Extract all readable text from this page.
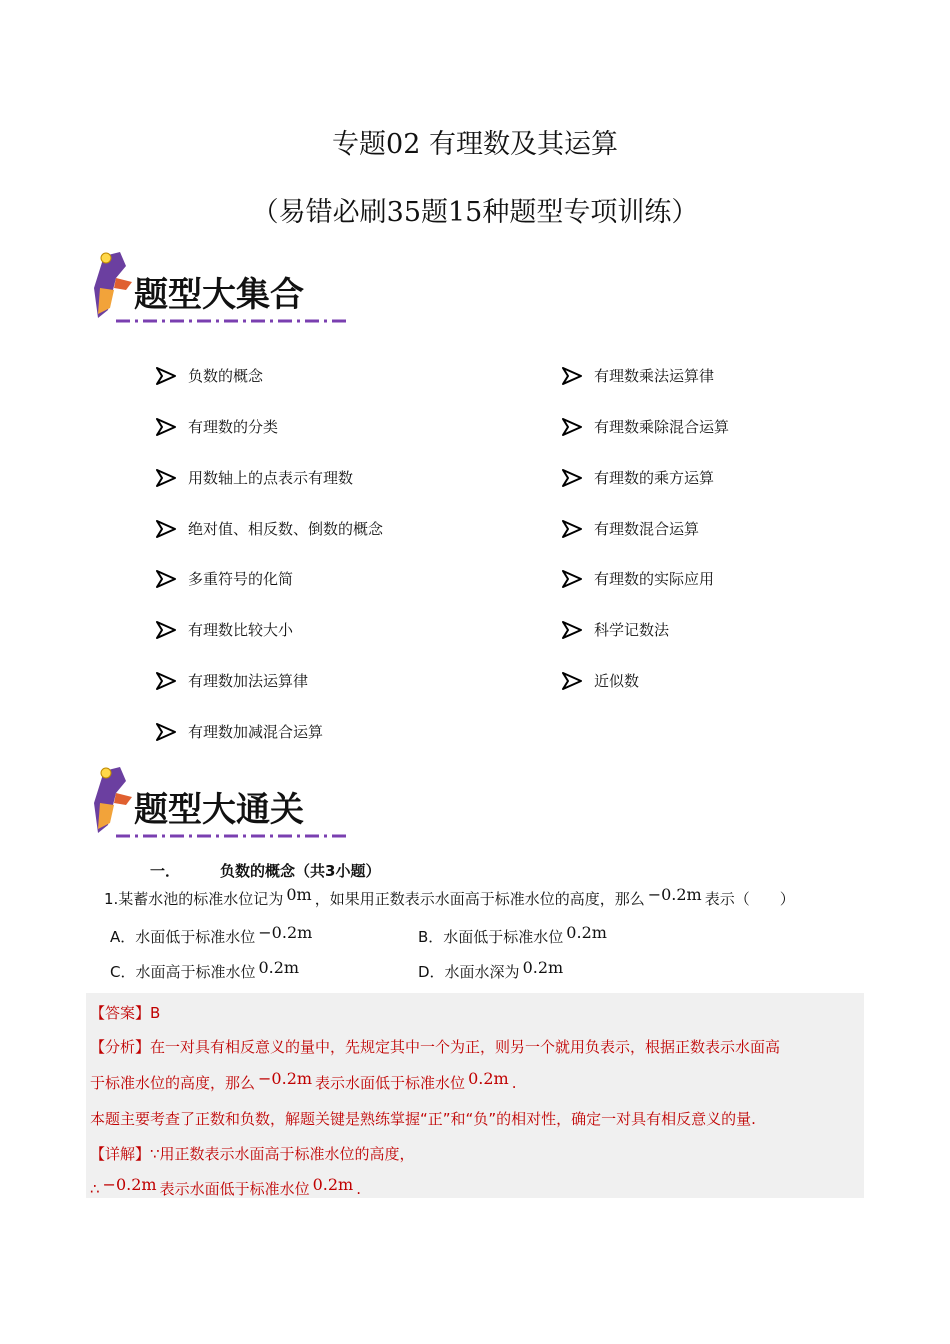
专题02 有理数及其运算
（易错必刷35题15种题型专项训练）
题型大集合
负数的概念
有理数的分类
用数轴上的点表示有理数
绝对值、相反数、倒数的概念
多重符号的化简
有理数比较大小
有理数加法运算律
有理数加减混合运算
有理数乘法运算律
有理数乘除混合运算
有理数的乘方运算
有理数混合运算
有理数的实际应用
科学记数法
近似数
题型大通关
一．	负数的概念（共3小题）
1.某蓄水池的标准水位记为 0m ，如果用正数表示水面高于标准水位的高度，那么 −0.2m 表示（　　）
A．水面低于标准水位 −0.2m	B．水面低于标准水位 0.2m
C．水面高于标准水位 0.2m	D．水面水深为 0.2m
【答案】B
【分析】在一对具有相反意义的量中，先规定其中一个为正，则另一个就用负表示，根据正数表示水面高
于标准水位的高度，那么 −0.2m 表示水面低于标准水位 0.2m .
本题主要考查了正数和负数，解题关键是熟练掌握“正”和“负”的相对性，确定一对具有相反意义的量.
【详解】∵用正数表示水面高于标准水位的高度，
∴ −0.2m 表示水面低于标准水位 0.2m .
